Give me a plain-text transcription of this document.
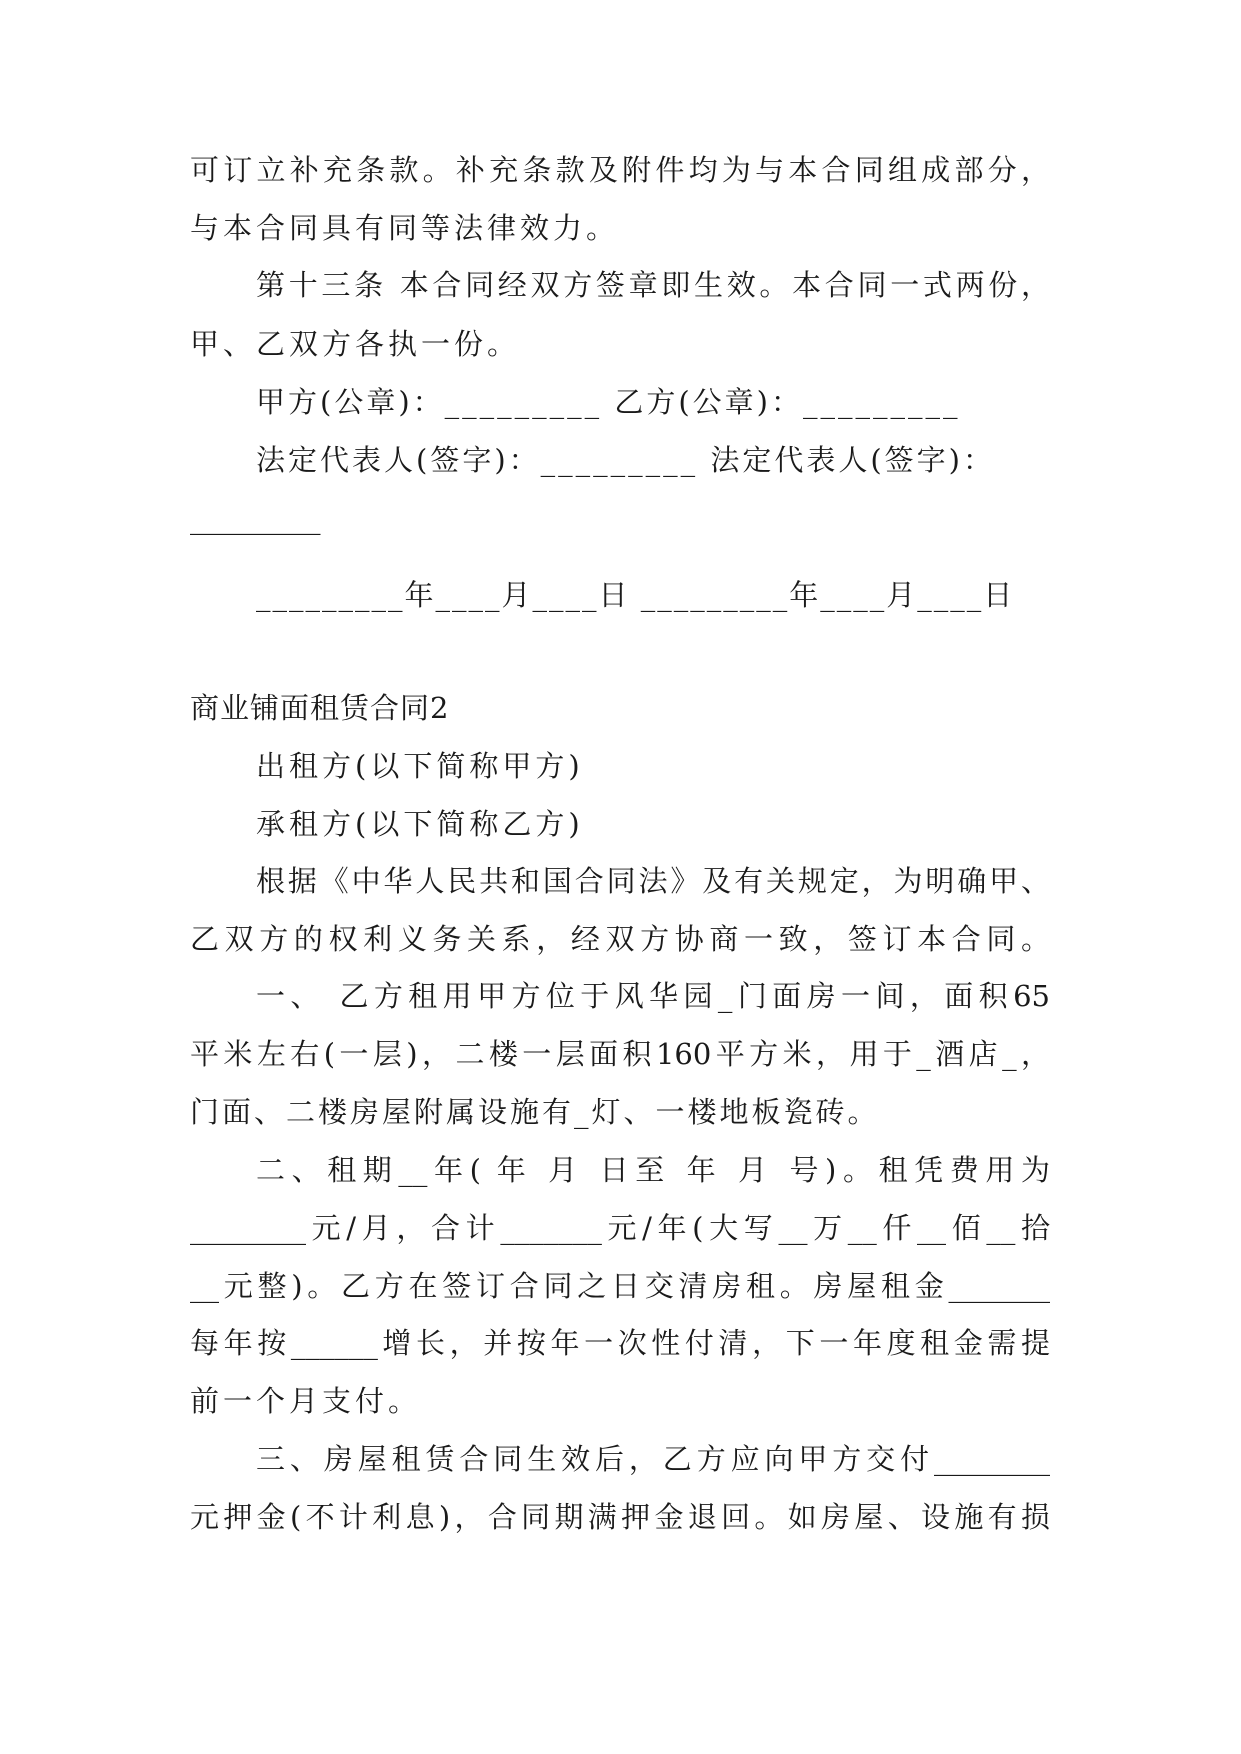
可订立补充条款。补充条款及附件均为与本合同组成部分，
与本合同具有同等法律效力。
第十三条 本合同经双方签章即生效。本合同一式两份，
甲、乙双方各执一份。
甲方(公章)：_________ 乙方(公章)：_________
法定代表人(签字)：_________ 法定代表人(签字)：
_________
_________年____月____日 _________年____月____日
商业铺面租赁合同2
出租方(以下简称甲方)
承租方(以下简称乙方)
根据《中华人民共和国合同法》及有关规定，为明确甲、
乙双方的权利义务关系，经双方协商一致，签订本合同。
一、 乙方租用甲方位于风华园_门面房一间，面积65
平米左右(一层)，二楼一层面积160平方米，用于_酒店_，
门面、二楼房屋附属设施有_灯、一楼地板瓷砖。
二、租期__年( 年 月 日至 年 月 号)。租凭费用为
________元/月，合计_______元/年(大写__万__仟__佰__拾
__元整)。乙方在签订合同之日交清房租。房屋租金_______
每年按______增长，并按年一次性付清，下一年度租金需提
前一个月支付。
三、房屋租赁合同生效后，乙方应向甲方交付________
元押金(不计利息)，合同期满押金退回。如房屋、设施有损
